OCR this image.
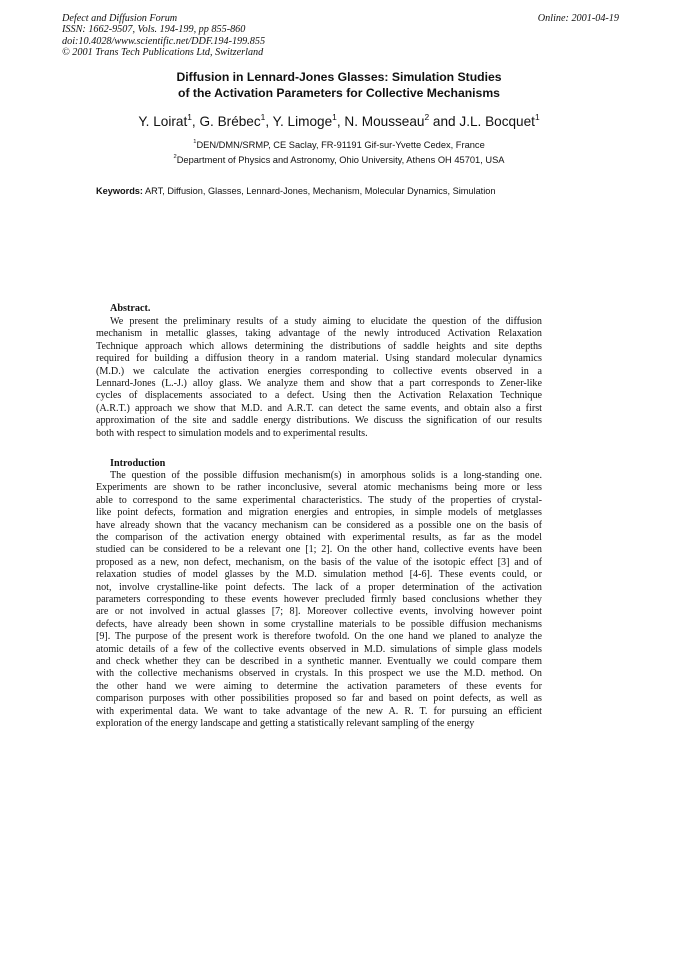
Defect and Diffusion Forum
ISSN: 1662-9507, Vols. 194-199, pp 855-860
doi:10.4028/www.scientific.net/DDF.194-199.855
© 2001 Trans Tech Publications Ltd, Switzerland
Online: 2001-04-19
Diffusion in Lennard-Jones Glasses: Simulation Studies
of the Activation Parameters for Collective Mechanisms
Y. Loirat$^1$, G. Brébec$^1$, Y. Limoge$^1$, N. Mousseau$^2$ and J.L. Bocquet$^1$
$^1$DEN/DMN/SRMP, CE Saclay, FR-91191 Gif-sur-Yvette Cedex, France
$^2$Department of Physics and Astronomy, Ohio University, Athens OH 45701, USA
Keywords: ART, Diffusion, Glasses, Lennard-Jones, Mechanism, Molecular Dynamics, Simulation
Abstract.
We present the preliminary results of a study aiming to elucidate the question of the diffusion
mechanism in metallic glasses, taking advantage of the newly introduced Activation Relaxation
Technique approach which allows determining the distributions of saddle heights and site depths
required for building a diffusion theory in a random material. Using standard molecular dynamics
(M.D.) we calculate the activation energies corresponding to collective events observed in a
Lennard-Jones (L.-J.) alloy glass. We analyze them and show that a part corresponds to Zener-like
cycles of displacements associated to a defect. Using then the Activation Relaxation Technique
(A.R.T.) approach we show that M.D. and A.R.T. can detect the same events, and obtain also a first
approximation of the site and saddle energy distributions. We discuss the signification of our results
both with respect to simulation models and to experimental results.
Introduction
The question of the possible diffusion mechanism(s) in amorphous solids is a long-standing one.
Experiments are shown to be rather inconclusive, several atomic mechanisms being more or less
able to correspond to the same experimental characteristics. The study of the properties of crystal-
like point defects, formation and migration energies and entropies, in simple models of metglasses
have already shown that the vacancy mechanism can be considered as a possible one on the basis of
the comparison of the activation energy obtained with experimental results, as far as the model
studied can be considered to be a relevant one [1; 2]. On the other hand, collective events have been
proposed as a new, non defect, mechanism, on the basis of the value of the isotopic effect [3] and of
relaxation studies of model glasses by the M.D. simulation method [4-6]. These events could, or
not, involve crystalline-like point defects. The lack of a proper determination of the activation
parameters corresponding to these events however precluded firmly based conclusions whether they
are or not involved in actual glasses [7; 8]. Moreover collective events, involving however point
defects, have already been shown in some crystalline materials to be possible diffusion mechanisms
[9]. The purpose of the present work is therefore twofold. On the one hand we planed to analyze the
atomic details of a few of the collective events observed in M.D. simulations of simple glass models
and check whether they can be described in a synthetic manner. Eventually we could compare them
with the collective mechanisms observed in crystals. In this prospect we use the M.D. method. On
the other hand we were aiming to determine the activation parameters of these events for
comparison purposes with other possibilities proposed so far and based on point defects, as well as
with experimental data. We want to take advantage of the new A. R. T. for pursuing an efficient
exploration of the energy landscape and getting a statistically relevant sampling of the energy
